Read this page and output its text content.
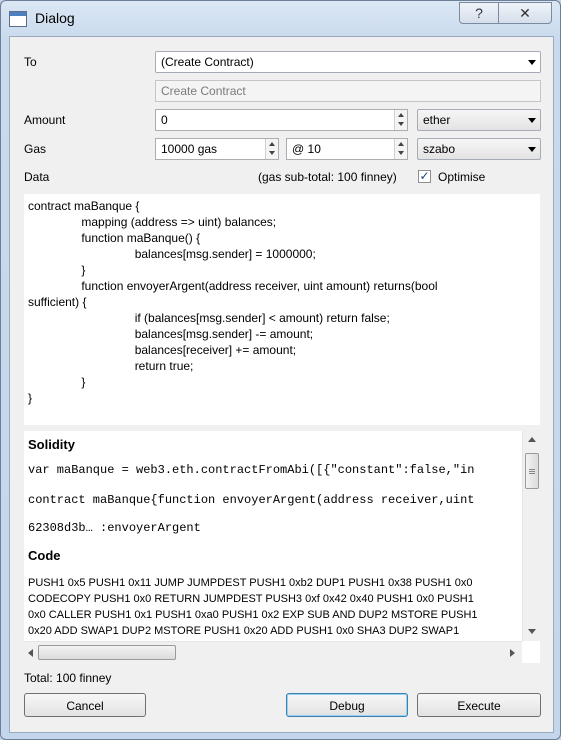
Dialog	?	✕
To	(Create Contract)
Create Contract
Amount	0	ether
Gas	10000 gas	@ 10	szabo
Data	(gas sub-total: 100 finney) ✓ Optimise
contract maBanque {
mapping (address => uint) balances;
function maBanque() {
balances[msg.sender] = 1000000;
}
function envoyerArgent(address receiver, uint amount) returns(bool
sufficient) {
if (balances[msg.sender] < amount) return false;
balances[msg.sender] -= amount;
balances[receiver] += amount;
return true;
}
}
Solidity
var maBanque = web3.eth.contractFromAbi([{"constant":false,"in
contract maBanque{function envoyerArgent(address receiver,uint
62308d3b… :envoyerArgent
Code
PUSH1 0x5 PUSH1 0x11 JUMP JUMPDEST PUSH1 0xb2 DUP1 PUSH1 0x38 PUSH1 0x0
CODECOPY PUSH1 0x0 RETURN JUMPDEST PUSH3 0xf 0x42 0x40 PUSH1 0x0 PUSH1
0x0 CALLER PUSH1 0x1 PUSH1 0xa0 PUSH1 0x2 EXP SUB AND DUP2 MSTORE PUSH1
0x20 ADD SWAP1 DUP2 MSTORE PUSH1 0x20 ADD PUSH1 0x0 SHA3 DUP2 SWAP1
Total: 100 finney
Cancel	Debug	Execute
